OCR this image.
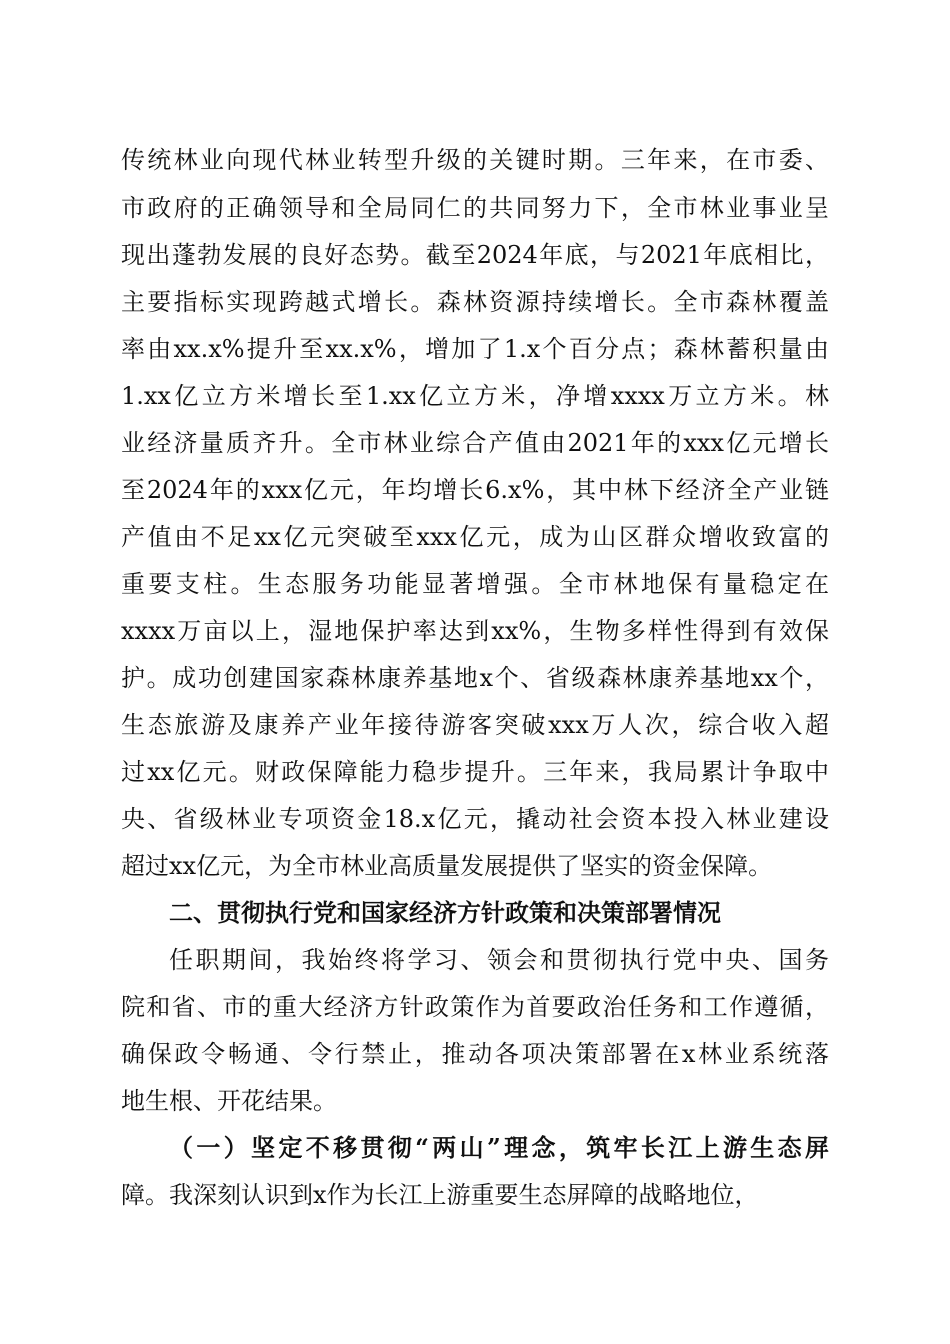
传统林业向现代林业转型升级的关键时期。三年来，在市委、
市政府的正确领导和全局同仁的共同努力下，全市林业事业呈
现出蓬勃发展的良好态势。截至2024年底，与2021年底相比，
主要指标实现跨越式增长。森林资源持续增长。全市森林覆盖
率由xx.x%提升至xx.x%，增加了1.x个百分点；森林蓄积量由
1.xx亿立方米增长至1.xx亿立方米，净增xxxx万立方米。林
业经济量质齐升。全市林业综合产值由2021年的xxx亿元增长
至2024年的xxx亿元，年均增长6.x%，其中林下经济全产业链
产值由不足xx亿元突破至xxx亿元，成为山区群众增收致富的
重要支柱。生态服务功能显著增强。全市林地保有量稳定在
xxxx万亩以上，湿地保护率达到xx%，生物多样性得到有效保
护。成功创建国家森林康养基地x个、省级森林康养基地xx个，
生态旅游及康养产业年接待游客突破xxx万人次，综合收入超
过xx亿元。财政保障能力稳步提升。三年来，我局累计争取中
央、省级林业专项资金18.x亿元，撬动社会资本投入林业建设
超过xx亿元，为全市林业高质量发展提供了坚实的资金保障。
二、贯彻执行党和国家经济方针政策和决策部署情况
任职期间，我始终将学习、领会和贯彻执行党中央、国务
院和省、市的重大经济方针政策作为首要政治任务和工作遵循，
确保政令畅通、令行禁止，推动各项决策部署在x林业系统落
地生根、开花结果。
（一）坚定不移贯彻“两山”理念，筑牢长江上游生态屏
障。我深刻认识到x作为长江上游重要生态屏障的战略地位，
